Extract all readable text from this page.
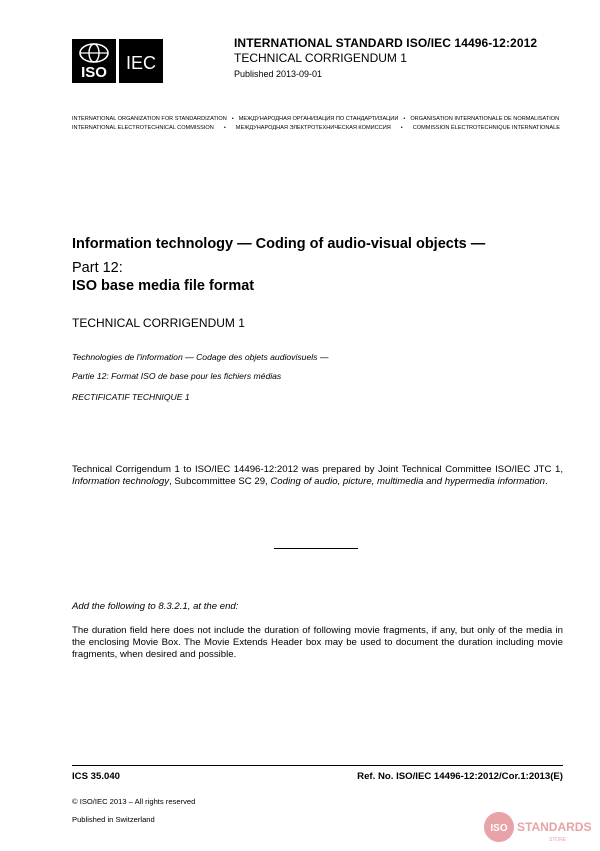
ISO IEC
INTERNATIONAL STANDARD ISO/IEC 14496-12:2012
TECHNICAL CORRIGENDUM 1
Published 2013-09-01
INTERNATIONAL ORGANIZATION FOR STANDARDIZATION • МЕЖДУНАРОДНАЯ ОРГАНИЗАЦИЯ ПО СТАНДАРТИЗАЦИИ • ORGANISATION INTERNATIONALE DE NORMALISATION
INTERNATIONAL ELECTROTECHNICAL COMMISSION • МЕЖДУНАРОДНАЯ ЭЛЕКТРОТЕХНИЧЕСКАЯ КОМИССИЯ • COMMISSION ÉLECTROTECHNIQUE INTERNATIONALE
Information technology — Coding of audio-visual objects —
Part 12:
ISO base media file format
TECHNICAL CORRIGENDUM 1
Technologies de l'information — Codage des objets audiovisuels —
Partie 12: Format ISO de base pour les fichiers médias
RECTIFICATIF TECHNIQUE 1
Technical Corrigendum 1 to ISO/IEC 14496-12:2012 was prepared by Joint Technical Committee ISO/IEC JTC 1, Information technology, Subcommittee SC 29, Coding of audio, picture, multimedia and hypermedia information.
Add the following to 8.3.2.1, at the end:
The duration field here does not include the duration of following movie fragments, if any, but only of the media in the enclosing Movie Box. The Movie Extends Header box may be used to document the duration including movie fragments, when desired and possible.
ICS 35.040	Ref. No. ISO/IEC 14496-12:2012/Cor.1:2013(E)
© ISO/IEC 2013 – All rights reserved
Published in Switzerland
ISO STANDARDS
STORE
